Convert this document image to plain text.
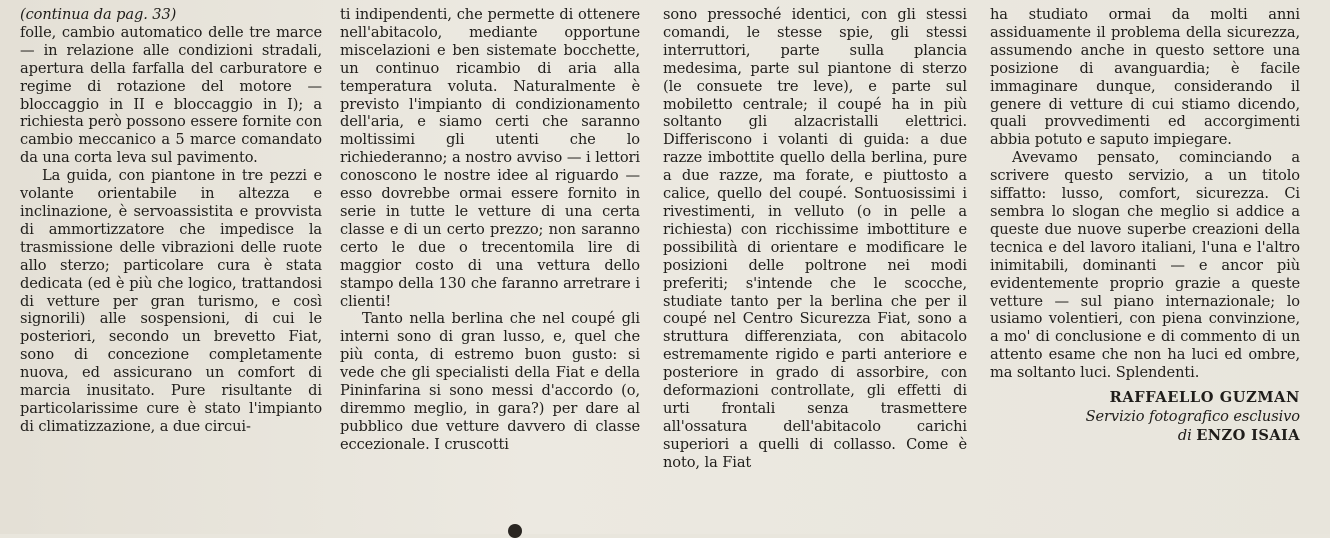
(continua da pag. 33)

folle, cambio automatico delle tre marce — in relazione alle condizioni stradali, apertura della farfalla del carburatore e regime di rotazione del motore — bloccaggio in II e bloccaggio in I); a richiesta però possono essere fornite con cambio meccanico a 5 marce comandato da una corta leva sul pavimento.

La guida, con piantone in tre pezzi e volante orientabile in altezza e inclinazione, è servoassistita e provvista di ammortizzatore che impedisce la trasmissione delle vibrazioni delle ruote allo sterzo; particolare cura è stata dedicata (ed è più che logico, trattandosi di vetture per gran turismo, e così signorili) alle sospensioni, di cui le posteriori, secondo un brevetto Fiat, sono di concezione completamente nuova, ed assicurano un comfort di marcia inusitato. Pure risultante di particolarissime cure è stato l'impianto di climatizzazione, a due circui-

ti indipendenti, che permette di ottenere nell'abitacolo, mediante opportune miscelazioni e ben sistemate bocchette, un continuo ricambio di aria alla temperatura voluta. Naturalmente è previsto l'impianto di condizionamento dell'aria, e siamo certi che saranno moltissimi gli utenti che lo richiederanno; a nostro avviso — i lettori conoscono le nostre idee al riguardo — esso dovrebbe ormai essere fornito in serie in tutte le vetture di una certa classe e di un certo prezzo; non saranno certo le due o trecentomila lire di maggior costo di una vettura dello stampo della 130 che faranno arretrare i clienti!

Tanto nella berlina che nel coupé gli interni sono di gran lusso, e, quel che più conta, di estremo buon gusto: si vede che gli specialisti della Fiat e della Pininfarina si sono messi d'accordo (o, diremmo meglio, in gara?) per dare al pubblico due vetture davvero di classe eccezionale. I cruscotti

sono pressoché identici, con gli stessi comandi, le stesse spie, gli stessi interruttori, parte sulla plancia medesima, parte sul piantone di sterzo (le consuete tre leve), e parte sul mobiletto centrale; il coupé ha in più soltanto gli alzacristalli elettrici. Differiscono i volanti di guida: a due razze imbottite quello della berlina, pure a due razze, ma forate, e piuttosto a calice, quello del coupé. Sontuosissimi i rivestimenti, in velluto (o in pelle a richiesta) con ricchissime imbottiture e possibilità di orientare e modificare le posizioni delle poltrone nei modi preferiti; s'intende che le scocche, studiate tanto per la berlina che per il coupé nel Centro Sicurezza Fiat, sono a struttura differenziata, con abitacolo estremamente rigido e parti anteriore e posteriore in grado di assorbire, con deformazioni controllate, gli effetti di urti frontali senza trasmettere all'ossatura dell'abitacolo carichi superiori a quelli di collasso. Come è noto, la Fiat

ha studiato ormai da molti anni assiduamente il problema della sicurezza, assumendo anche in questo settore una posizione di avanguardia; è facile immaginare dunque, considerando il genere di vetture di cui stiamo dicendo, quali provvedimenti ed accorgimenti abbia potuto e saputo impiegare.

Avevamo pensato, cominciando a scrivere questo servizio, a un titolo siffatto: lusso, comfort, sicurezza. Ci sembra lo slogan che meglio si addice a queste due nuove superbe creazioni della tecnica e del lavoro italiani, l'una e l'altro inimitabili, dominanti — e ancor più evidentemente proprio grazie a queste vetture — sul piano internazionale; lo usiamo volentieri, con piena convinzione, a mo' di conclusione e di commento di un attento esame che non ha luci ed ombre, ma soltanto luci. Splendenti.

RAFFAELLO GUZMAN
Servizio fotografico esclusivo
di ENZO ISAIA
